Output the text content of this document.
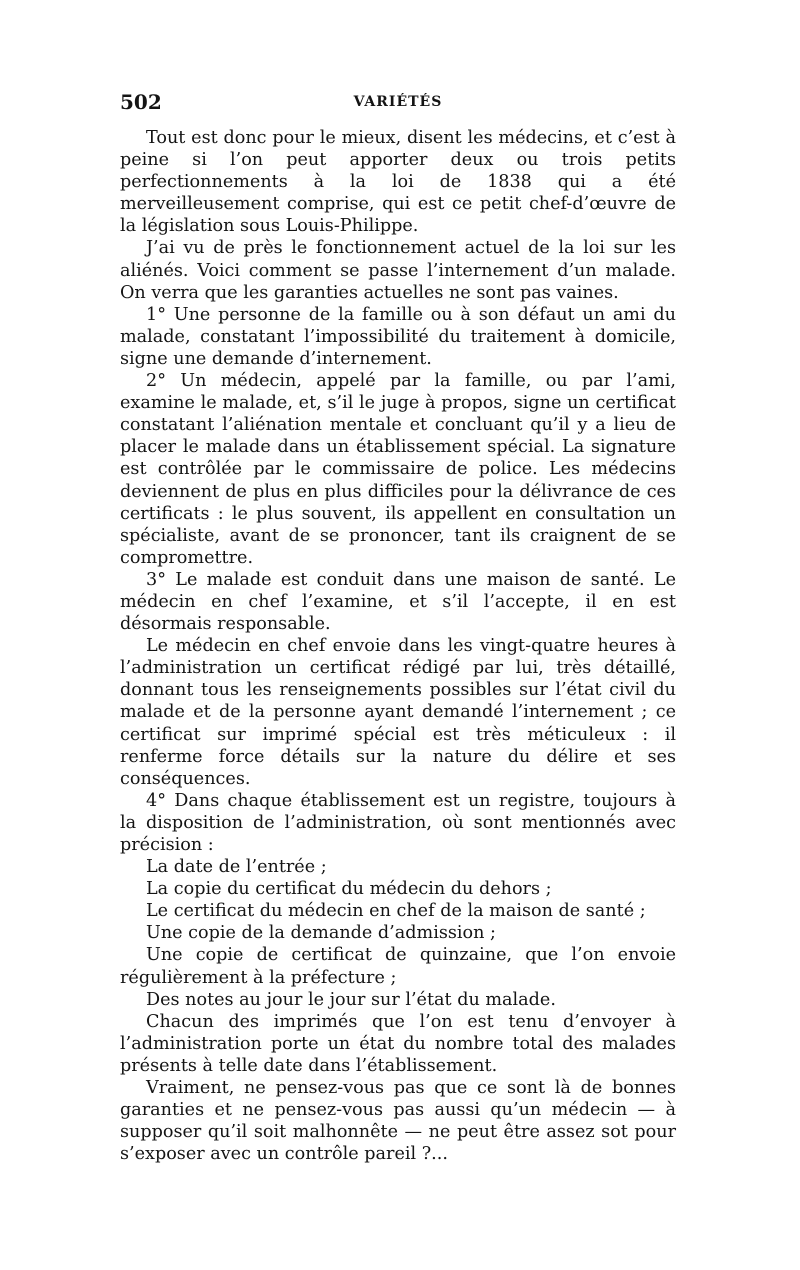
502	VARIÉTÉS

Tout est donc pour le mieux, disent les médecins, et c’est à peine si l’on peut apporter deux ou trois petits perfectionnements à la loi de 1838 qui a été merveilleusement comprise, qui est ce petit chef-d’œuvre de la législation sous Louis-Philippe.

J’ai vu de près le fonctionnement actuel de la loi sur les aliénés. Voici comment se passe l’internement d’un malade. On verra que les garanties actuelles ne sont pas vaines.

1° Une personne de la famille ou à son défaut un ami du malade, constatant l’impossibilité du traitement à domicile, signe une demande d’internement.

2° Un médecin, appelé par la famille, ou par l’ami, examine le malade, et, s’il le juge à propos, signe un certificat constatant l’aliénation mentale et concluant qu’il y a lieu de placer le malade dans un établissement spécial. La signature est contrôlée par le commissaire de police. Les médecins deviennent de plus en plus difficiles pour la délivrance de ces certificats : le plus souvent, ils appellent en consultation un spécialiste, avant de se prononcer, tant ils craignent de se compromettre.

3° Le malade est conduit dans une maison de santé. Le médecin en chef l’examine, et s’il l’accepte, il en est désormais responsable.

Le médecin en chef envoie dans les vingt-quatre heures à l’administration un certificat rédigé par lui, très détaillé, donnant tous les renseignements possibles sur l’état civil du malade et de la personne ayant demandé l’internement ; ce certificat sur imprimé spécial est très méticuleux : il renferme force détails sur la nature du délire et ses conséquences.

4° Dans chaque établissement est un registre, toujours à la disposition de l’administration, où sont mentionnés avec précision :

La date de l’entrée ;

La copie du certificat du médecin du dehors ;

Le certificat du médecin en chef de la maison de santé ;

Une copie de la demande d’admission ;

Une copie de certificat de quinzaine, que l’on envoie régulièrement à la préfecture ;

Des notes au jour le jour sur l’état du malade.

Chacun des imprimés que l’on est tenu d’envoyer à l’administration porte un état du nombre total des malades présents à telle date dans l’établissement.

Vraiment, ne pensez-vous pas que ce sont là de bonnes garanties et ne pensez-vous pas aussi qu’un médecin — à supposer qu’il soit malhonnête — ne peut être assez sot pour s’exposer avec un contrôle pareil ?...
